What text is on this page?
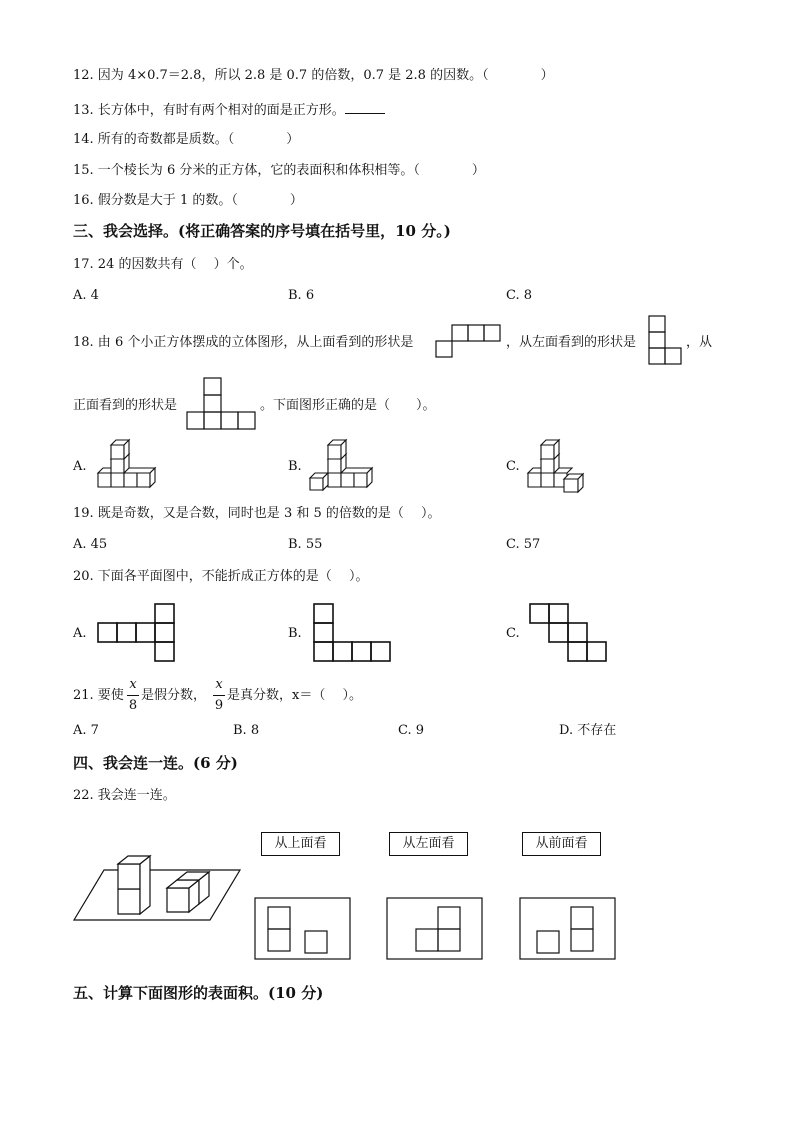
12. 因为 4×0.7＝2.8，所以 2.8 是 0.7 的倍数，0.7 是 2.8 的因数。（　　　　）
13. 长方体中，有时有两个相对的面是正方形。
14. 所有的奇数都是质数。（　　　　）
15. 一个棱长为 6 分米的正方体，它的表面积和体积相等。（　　　　）
16. 假分数是大于 1 的数。（　　　　）
三、我会选择。(将正确答案的序号填在括号里，10 分。)
17. 24 的因数共有（　 ）个。
A. 4	B. 6	C. 8
18. 由 6 个小正方体摆成的立体图形，从上面看到的形状是	，从左面看到的形状是	，从
正面看到的形状是	。下面图形正确的是（　　）。
A.	B.	C.
19. 既是奇数，又是合数，同时也是 3 和 5 的倍数的是（　 ）。
A. 45	B. 55	C. 57
20. 下面各平面图中，不能折成正方体的是（　 ）。
A.	B.	C.
21. 要使
x
8
是假分数，
x
9
是真分数，x＝（　 ）。
A. 7	B. 8	C. 9	D. 不存在
四、我会连一连。(6 分)
22. 我会连一连。
从上面看	从左面看	从前面看
五、计算下面图形的表面积。(10 分)
